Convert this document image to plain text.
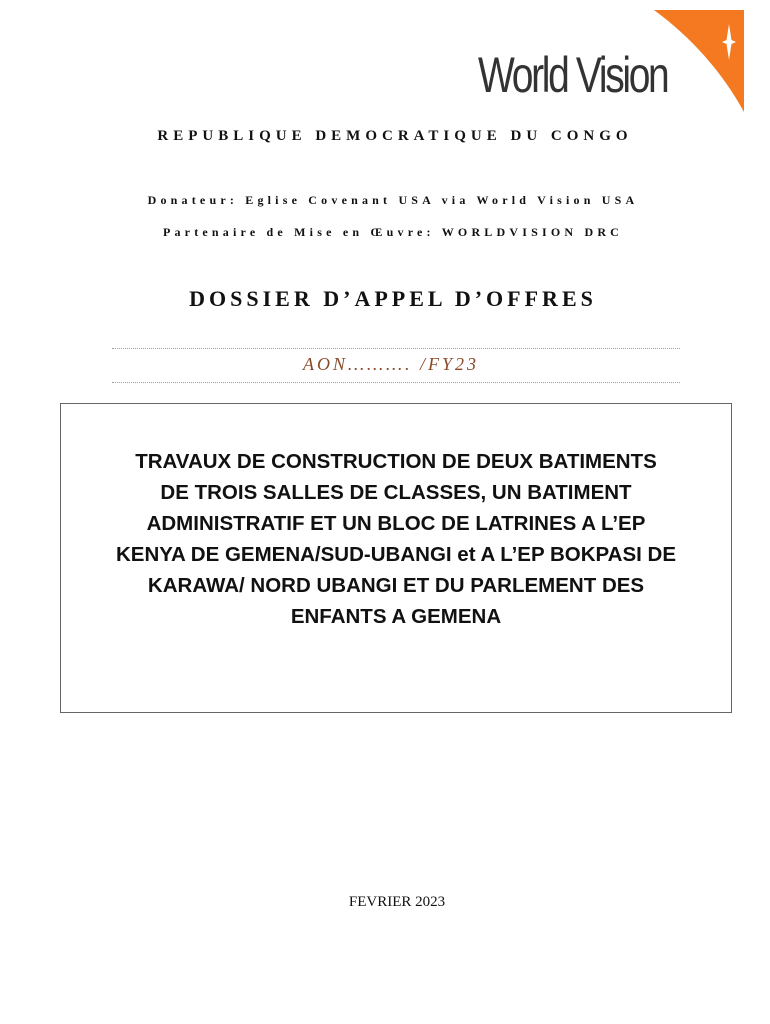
World Vision
REPUBLIQUE DEMOCRATIQUE DU CONGO
Donateur: Eglise Covenant USA via World Vision USA
Partenaire de Mise en Œuvre: WORLDVISION DRC
DOSSIER D’APPEL D’OFFRES
AON………. /FY23
TRAVAUX DE CONSTRUCTION DE DEUX BATIMENTS
DE TROIS SALLES DE CLASSES, UN BATIMENT
ADMINISTRATIF ET UN BLOC DE LATRINES A L’EP
KENYA DE GEMENA/SUD-UBANGI et A L’EP BOKPASI DE
KARAWA/ NORD UBANGI ET DU PARLEMENT DES
ENFANTS A GEMENA
FEVRIER 2023
